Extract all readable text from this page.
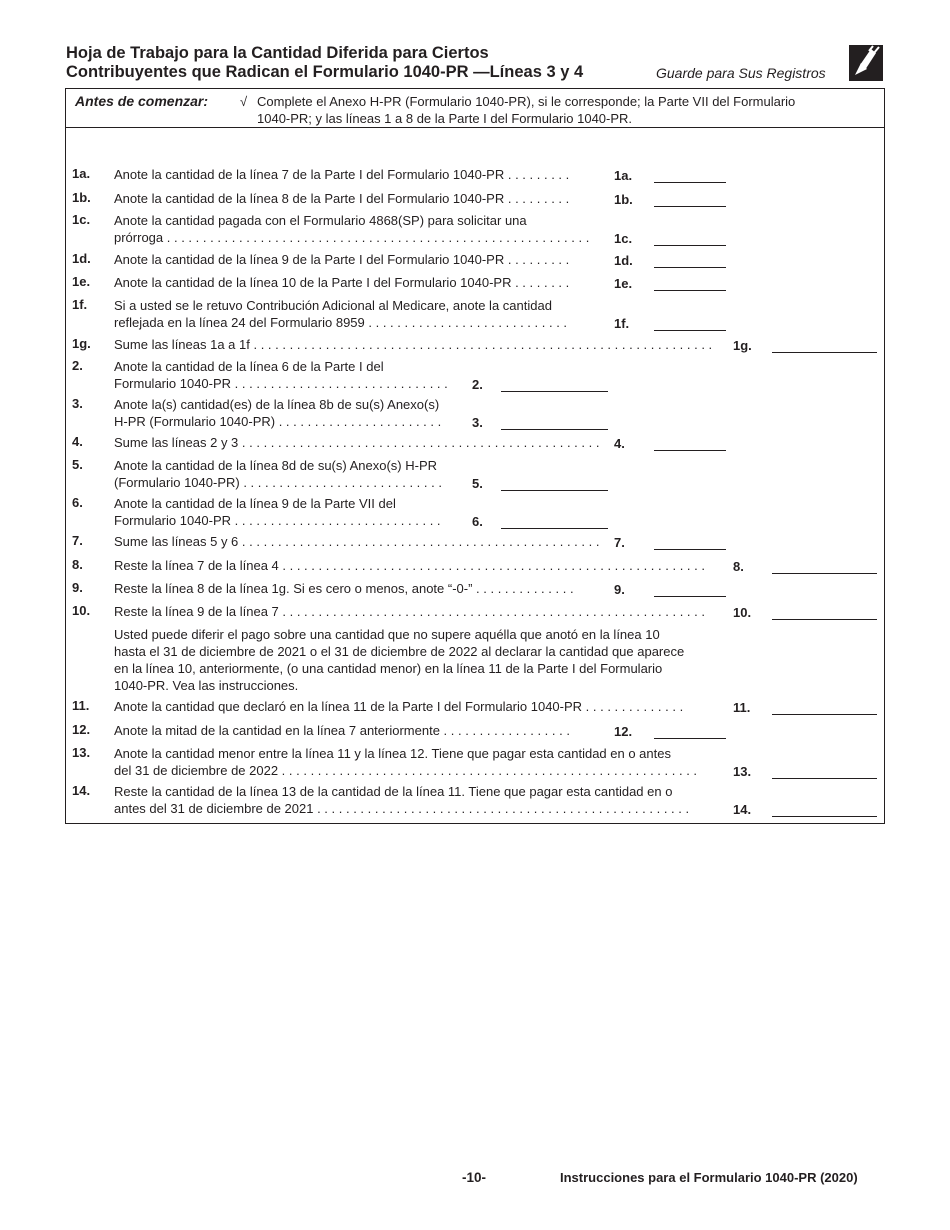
Hoja de Trabajo para la Cantidad Diferida para Ciertos
Contribuyentes que Radican el Formulario 1040-PR —Líneas 3 y 4	Guarde para Sus Registros
Antes de comenzar: √ Complete el Anexo H-PR (Formulario 1040-PR), si le corresponde; la Parte VII del Formulario
1040-PR; y las líneas 1 a 8 de la Parte I del Formulario 1040-PR.
1a. Anote la cantidad de la línea 7 de la Parte I del Formulario 1040-PR . . . . . . . . .	1a.
1b. Anote la cantidad de la línea 8 de la Parte I del Formulario 1040-PR . . . . . . . . .	1b.
1c. Anote la cantidad pagada con el Formulario 4868(SP) para solicitar una
prórroga . . . . . . . . . . . . . . . . . . . . . . . . . . . . . . . . . . . . . . . . . . . . . . . . . . . . . . . . . . .	1c.
1d. Anote la cantidad de la línea 9 de la Parte I del Formulario 1040-PR . . . . . . . . .	1d.
1e. Anote la cantidad de la línea 10 de la Parte I del Formulario 1040-PR . . . . . . . .	1e.
1f. Si a usted se le retuvo Contribución Adicional al Medicare, anote la cantidad
reflejada en la línea 24 del Formulario 8959 . . . . . . . . . . . . . . . . . . . . . . . . . . . .	1f.
1g. Sume las líneas 1a a 1f . . . . . . . . . . . . . . . . . . . . . . . . . . . . . . . . . . . . . . . . . . . . . . . . . . . . . . . . . . . . . . . .	1g.
2. Anote la cantidad de la línea 6 de la Parte I del
Formulario 1040-PR . . . . . . . . . . . . . . . . . . . . . . . . . . . . . .	2.
3. Anote la(s) cantidad(es) de la línea 8b de su(s) Anexo(s)
H-PR (Formulario 1040-PR) . . . . . . . . . . . . . . . . . . . . . . .	3.
4. Sume las líneas 2 y 3 . . . . . . . . . . . . . . . . . . . . . . . . . . . . . . . . . . . . . . . . . . . . . . . . . .	4.
5. Anote la cantidad de la línea 8d de su(s) Anexo(s) H-PR
(Formulario 1040-PR) . . . . . . . . . . . . . . . . . . . . . . . . . . . .	5.
6. Anote la cantidad de la línea 9 de la Parte VII del
Formulario 1040-PR . . . . . . . . . . . . . . . . . . . . . . . . . . . . .	6.
7. Sume las líneas 5 y 6 . . . . . . . . . . . . . . . . . . . . . . . . . . . . . . . . . . . . . . . . . . . . . . . . . .	7.
8. Reste la línea 7 de la línea 4 . . . . . . . . . . . . . . . . . . . . . . . . . . . . . . . . . . . . . . . . . . . . . . . . . . . . . . . . . . .	8.
9. Reste la línea 8 de la línea 1g. Si es cero o menos, anote “-0-” . . . . . . . . . . . . . .	9.
10. Reste la línea 9 de la línea 7 . . . . . . . . . . . . . . . . . . . . . . . . . . . . . . . . . . . . . . . . . . . . . . . . . . . . . . . . . . .	10.
11. Anote la cantidad que declaró en la línea 11 de la Parte I del Formulario 1040-PR . . . . . . . . . . . . . .	11.
12. Anote la mitad de la cantidad en la línea 7 anteriormente . . . . . . . . . . . . . . . . . .	12.
13. Anote la cantidad menor entre la línea 11 y la línea 12. Tiene que pagar esta cantidad en o antes
del 31 de diciembre de 2022 . . . . . . . . . . . . . . . . . . . . . . . . . . . . . . . . . . . . . . . . . . . . . . . . . . . . . . . . . .	13.
14. Reste la cantidad de la línea 13 de la cantidad de la línea 11. Tiene que pagar esta cantidad en o
antes del 31 de diciembre de 2021 . . . . . . . . . . . . . . . . . . . . . . . . . . . . . . . . . . . . . . . . . . . . . . . . . . . .	14.
Usted puede diferir el pago sobre una cantidad que no supere aquélla que anotó en la línea 10
hasta el 31 de diciembre de 2021 o el 31 de diciembre de 2022 al declarar la cantidad que aparece
en la línea 10, anteriormente, (o una cantidad menor) en la línea 11 de la Parte I del Formulario
1040-PR. Vea las instrucciones.
-10-	Instrucciones para el Formulario 1040-PR (2020)
